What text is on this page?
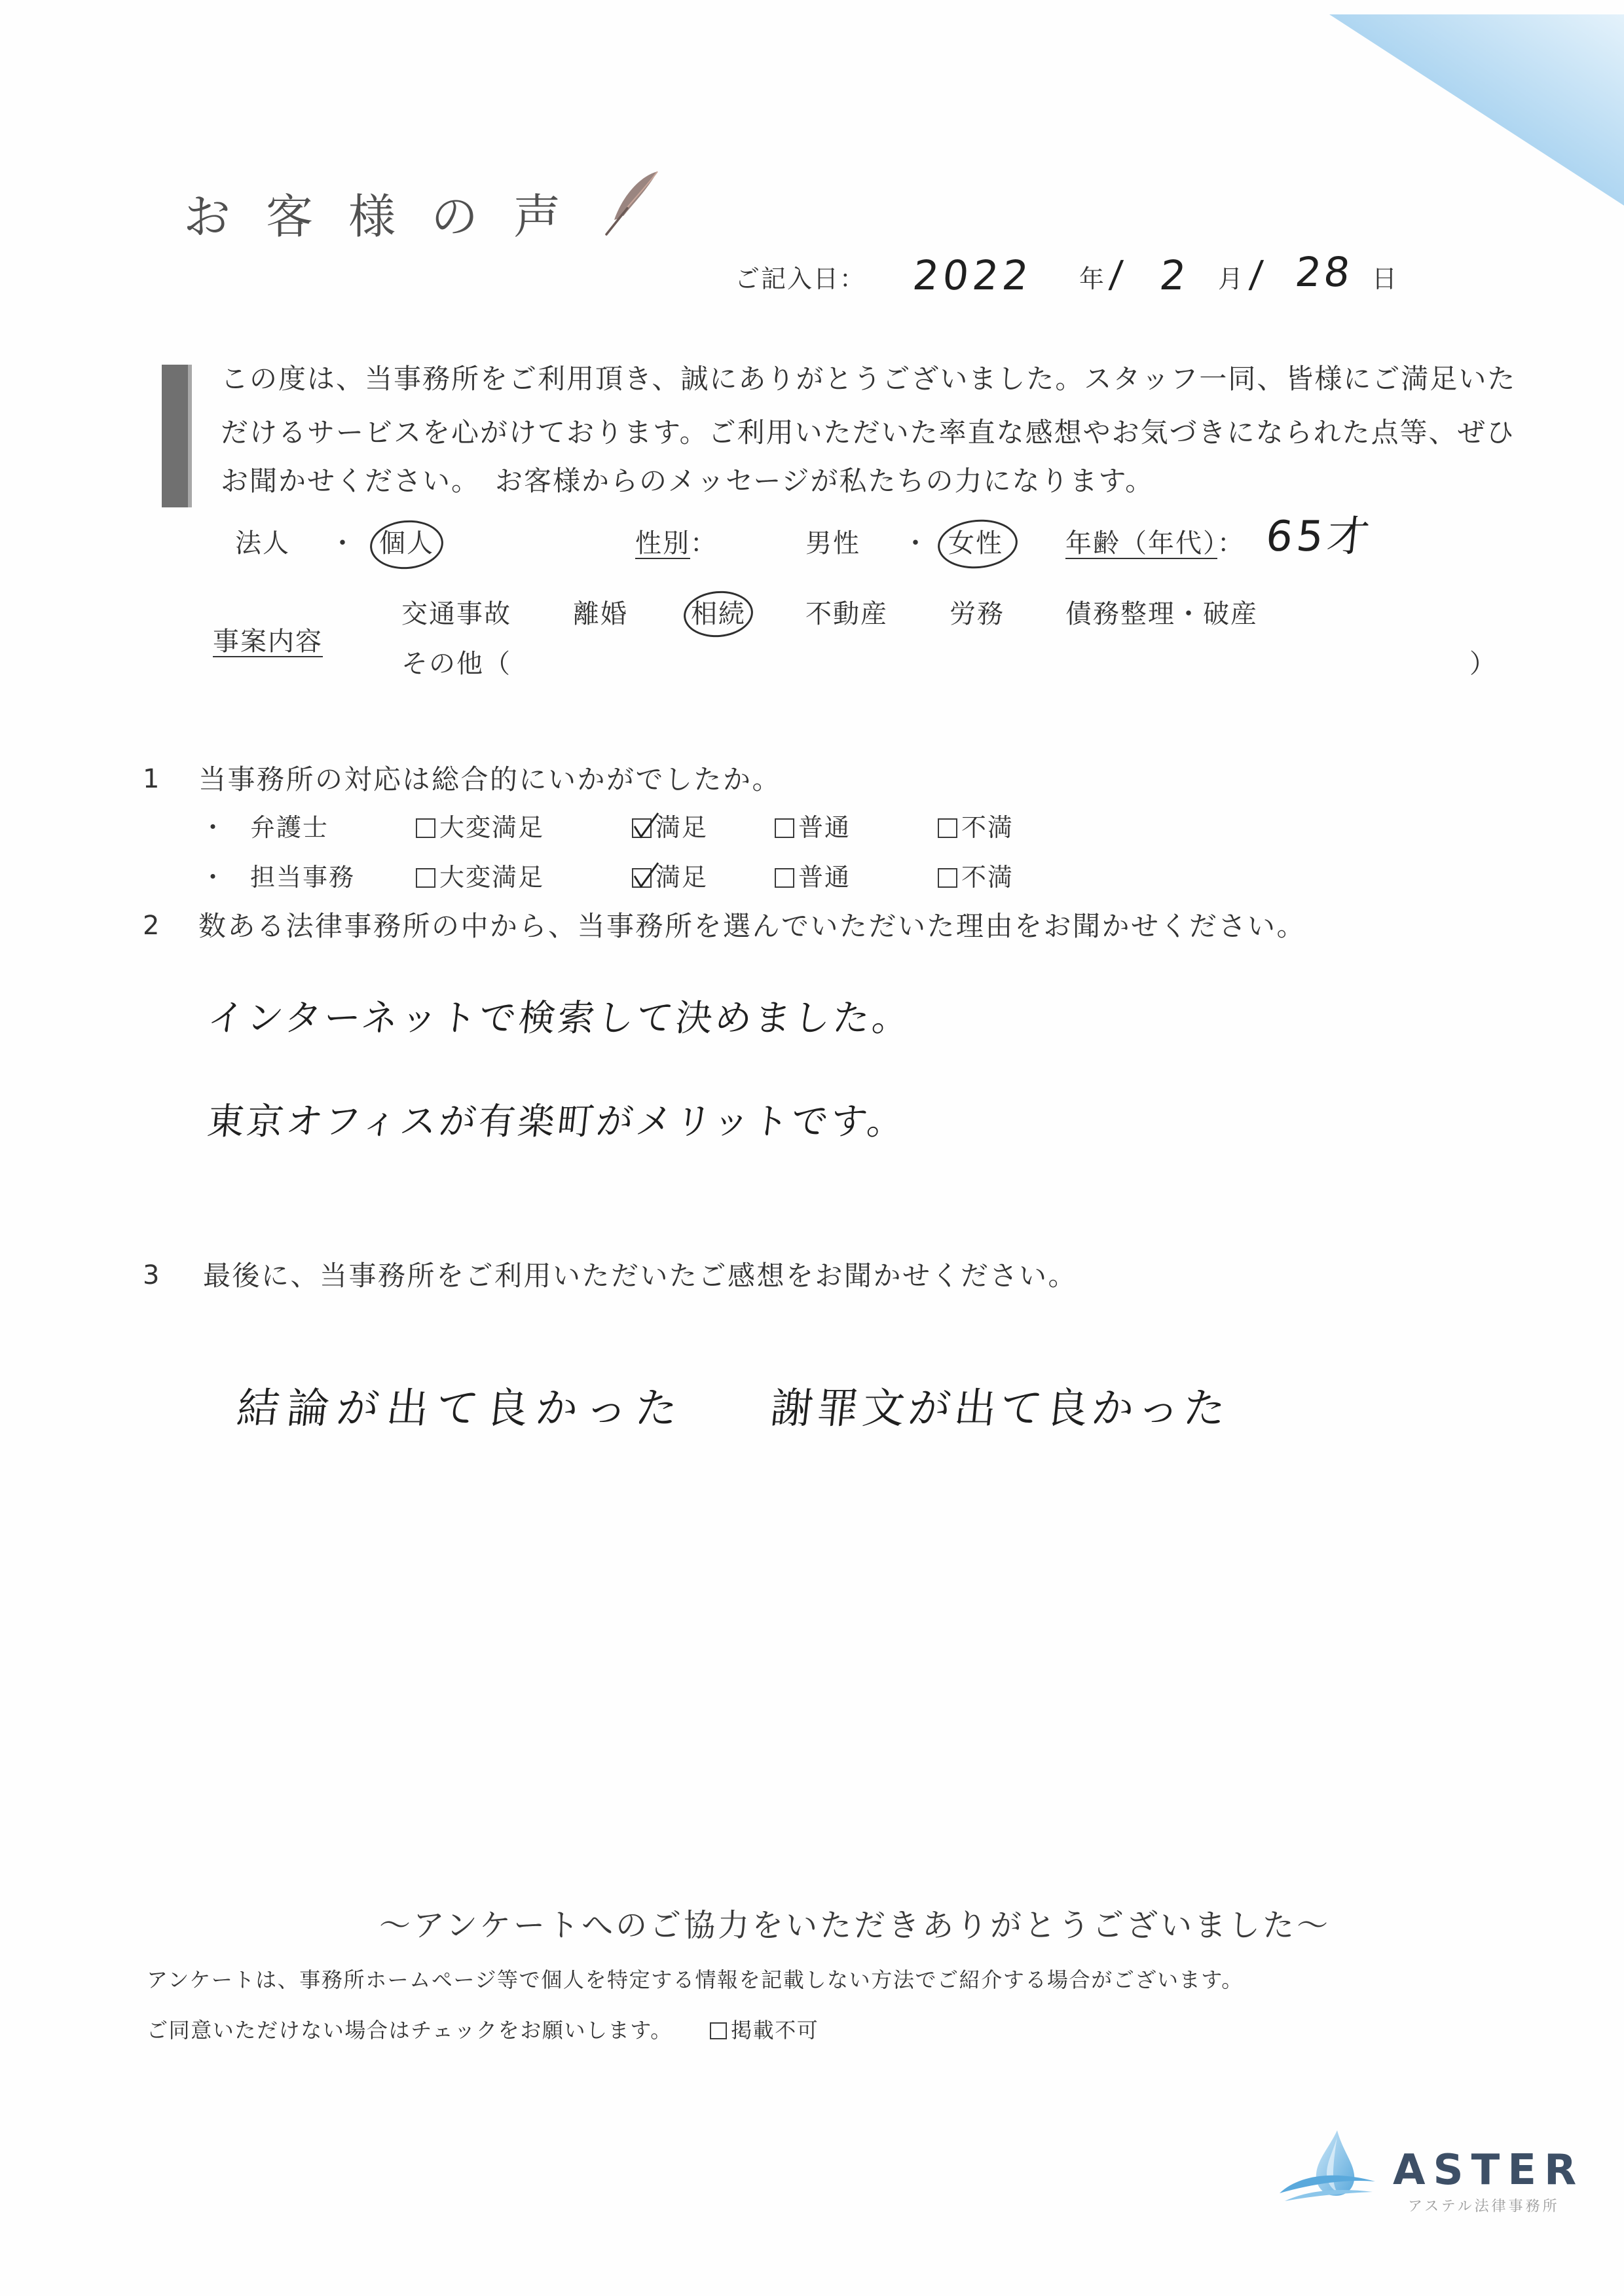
お客様の声
ご記入日： 2022 年 / 2 月 / 28 日
この度は、当事務所をご利用頂き、誠にありがとうございました。スタッフ一同、皆様にご満足いた
だけるサービスを心がけております。ご利用いただいた率直な感想やお気づきになられた点等、ぜひ
お聞かせください。　お客様からのメッセージが私たちの力になります。
法人 ・ 個人	性別：	男性 ・ 女性 年齢（年代）： 65才
事案内容
交通事故 離婚 相続 不動産 労務 債務整理・破産
その他（	）
1 当事務所の対応は総合的にいかがでしたか。
・ 弁護士	大変満足	満足	普通	不満
・ 担当事務	大変満足	満足	普通	不満
2 数ある法律事務所の中から、当事務所を選んでいただいた理由をお聞かせください。
インターネットで検索して決めました。
東京オフィスが有楽町がメリットです。
3 最後に、当事務所をご利用いただいたご感想をお聞かせください。
結論が出て良かった 謝罪文が出て良かった
～アンケートへのご協力をいただきありがとうございました～
アンケートは、事務所ホームページ等で個人を特定する情報を記載しない方法でご紹介する場合がございます。
ご同意いただけない場合はチェックをお願いします。	掲載不可
ASTER
アステル法律事務所
